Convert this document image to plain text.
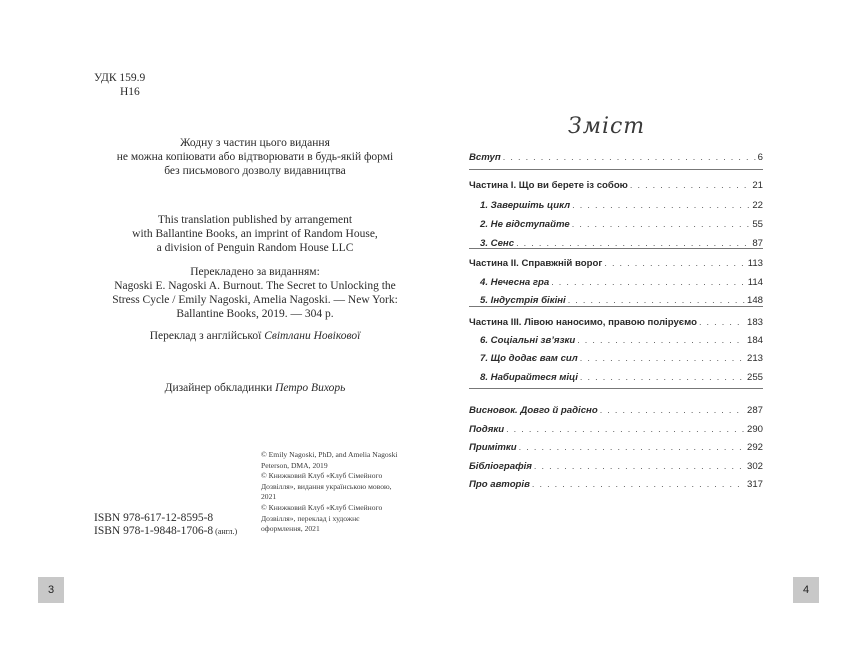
УДК 159.9
Н16
Жодну з частин цього видання
не можна копіювати або відтворювати в будь-якій формі
без письмового дозволу видавництва
This translation published by arrangement
with Ballantine Books, an imprint of Random House,
a division of Penguin Random House LLC
Перекладено за виданням:
Nagoski E. Nagoski A. Burnout. The Secret to Unlocking the
Stress Cycle / Emily Nagoski, Amelia Nagoski. — New York:
Ballantine Books, 2019. — 304 p.
Переклад з англійської Світлани Новікової
Дизайнер обкладинки Петро Вихорь

© Emily Nagoski, PhD, and Amelia Nagoski Peterson, DMA, 2019

© Книжковий Клуб «Клуб Сімейного Дозвілля», видання українською мовою, 2021

© Книжковий Клуб «Клуб Сімейного Дозвілля», переклад і художнє оформлення, 2021

ISBN 978-617-12-8595-8
ISBN 978-1-9848-1706-8 (англ.)
3
Зміст
Вступ . . .	6
Частина I. Що ви берете із собою . . .	21
1. Завершіть цикл . . .	22
2. Не відступайте . . .	55
3. Сенс . . .	87
Частина II. Справжній ворог . . .	113
4. Нечесна гра . . .	114
5. Індустрія бікіні . . .	148
Частина III. Лівою наносимо, правою поліруємо . . .	183
6. Соціальні зв’язки . . .	184
7. Що додає вам сил . . .	213
8. Набирайтеся міці . . .	255
Висновок. Довго й радісно . . .	287
Подяки . . .	290
Примітки . . .	292
Бібліографія . . .	302
Про авторів . . .	317
4
